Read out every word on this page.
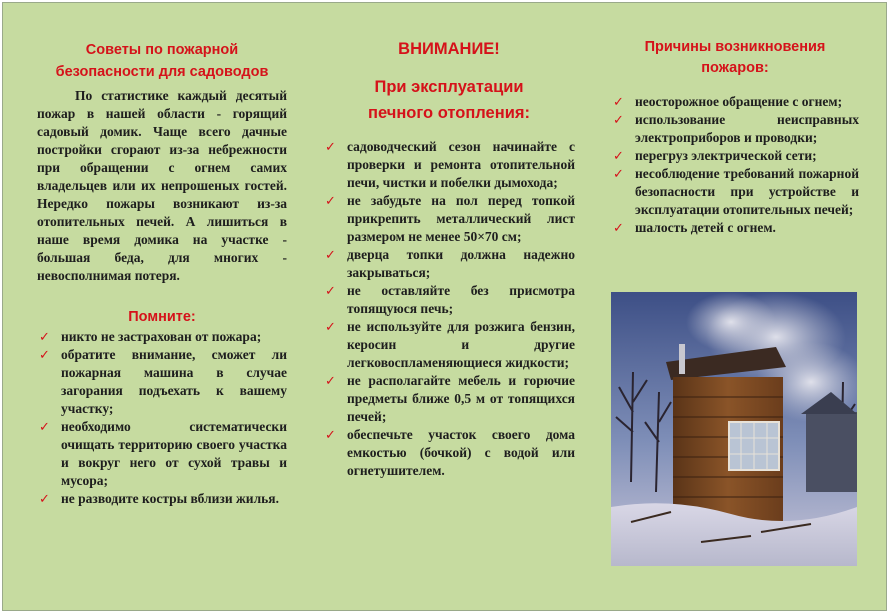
Советы по пожарной безопасности для садоводов

По статистике каждый десятый пожар в нашей области - горящий садовый домик. Чаще всего дачные постройки сгорают из-за небрежности при обращении с огнем самих владельцев или их непрошеных гостей. Нередко пожары возникают из-за отопительных печей. А лишиться в наше время домика на участке - большая беда, для многих - невосполнимая потеря.

Помните:

✓ никто не застрахован от пожара;
✓ обратите внимание, сможет ли пожарная машина в случае загорания подъехать к вашему участку;
✓ необходимо систематически очищать территорию своего участка и вокруг него от сухой травы и мусора;
✓ не разводите костры вблизи жилья.

ВНИМАНИЕ!

При эксплуатации печного отопления:

✓ садоводческий сезон начинайте с проверки и ремонта отопительной печи, чистки и побелки дымохода;
✓ не забудьте на пол перед топкой прикрепить металлический лист размером не менее 50×70 см;
✓ дверца топки должна надежно закрываться;
✓ не оставляйте без присмотра топящуюся печь;
✓ не используйте для розжига бензин, керосин и другие легковоспламеняющиеся жидкости;
✓ не располагайте мебель и горючие предметы ближе 0,5 м от топящихся печей;
✓ обеспечьте участок своего дома емкостью (бочкой) с водой или огнетушителем.

Причины возникновения пожаров:

✓ неосторожное обращение с огнем;
✓ использование неисправных электроприборов и проводки;
✓ перегруз электрической сети;
✓ несоблюдение требований пожарной безопасности при устройстве и эксплуатации отопительных печей;
✓ шалость детей с огнем.
